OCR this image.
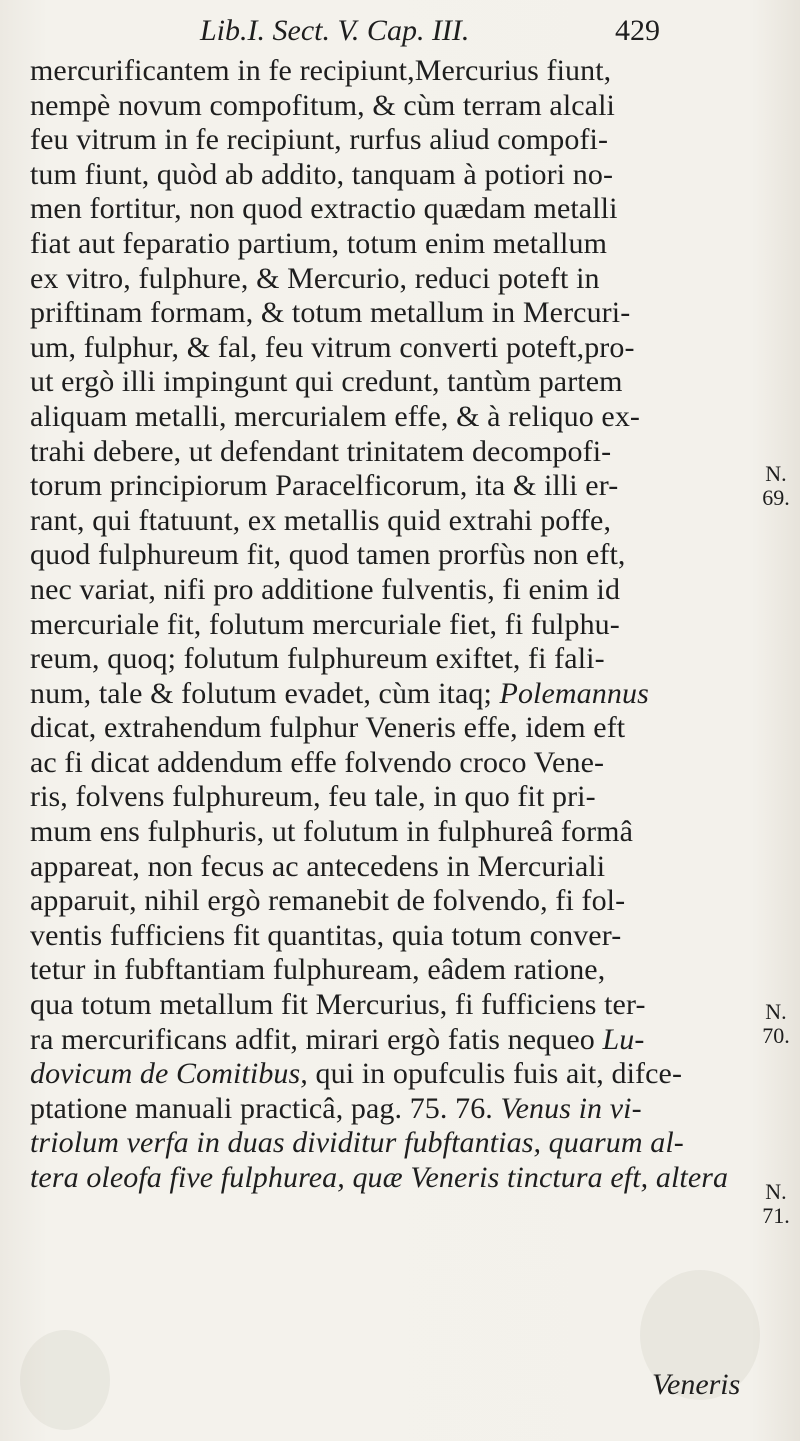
Lib.I. Sect. V. Cap. III.	429
mercurificantem in fe recipiunt,Mercurius fiunt,
nempè novum compofitum, & cùm terram alcali
feu vitrum in fe recipiunt, rurfus aliud compofi-
tum fiunt, quòd ab addito, tanquam à potiori no-
men fortitur, non quod extractio quædam metalli
fiat aut feparatio partium, totum enim metallum
ex vitro, fulphure, & Mercurio, reduci poteft in
priftinam formam, & totum metallum in Mercuri-
um, fulphur, & fal, feu vitrum converti poteft,pro-
ut ergò illi impingunt qui credunt, tantùm partem
aliquam metalli, mercurialem effe, & à reliquo ex-
trahi debere, ut defendant trinitatem decompofi-
torum principiorum Paracelficorum, ita & illi er-
rant, qui ftatuunt, ex metallis quid extrahi poffe,
quod fulphureum fit, quod tamen prorfùs non eft,
nec variat, nifi pro additione fulventis, fi enim id
mercuriale fit, folutum mercuriale fiet, fi fulphu-
reum, quoq; folutum fulphureum exiftet, fi fali-
num, tale & folutum evadet, cùm itaq; Polemannus
dicat, extrahendum fulphur Veneris effe, idem eft
ac fi dicat addendum effe folvendo croco Vene-
ris, folvens fulphureum, feu tale, in quo fit pri-
mum ens fulphuris, ut folutum in fulphureâ formâ
appareat, non fecus ac antecedens in Mercuriali
apparuit, nihil ergò remanebit de folvendo, fi fol-
ventis fufficiens fit quantitas, quia totum conver-
tetur in fubftantiam fulphuream, eâdem ratione,
qua totum metallum fit Mercurius, fi fufficiens ter-
ra mercurificans adfit, mirari ergò fatis nequeo Lu-
dovicum de Comitibus, qui in opufculis fuis ait, difce-
ptatione manuali practicâ, pag. 75. 76. Venus in vi-
triolum verfa in duas dividitur fubftantias, quarum al-
tera oleofa five fulphurea, quæ Veneris tinctura eft, altera
N. 69.
N. 70.
N. 71.
Veneris
